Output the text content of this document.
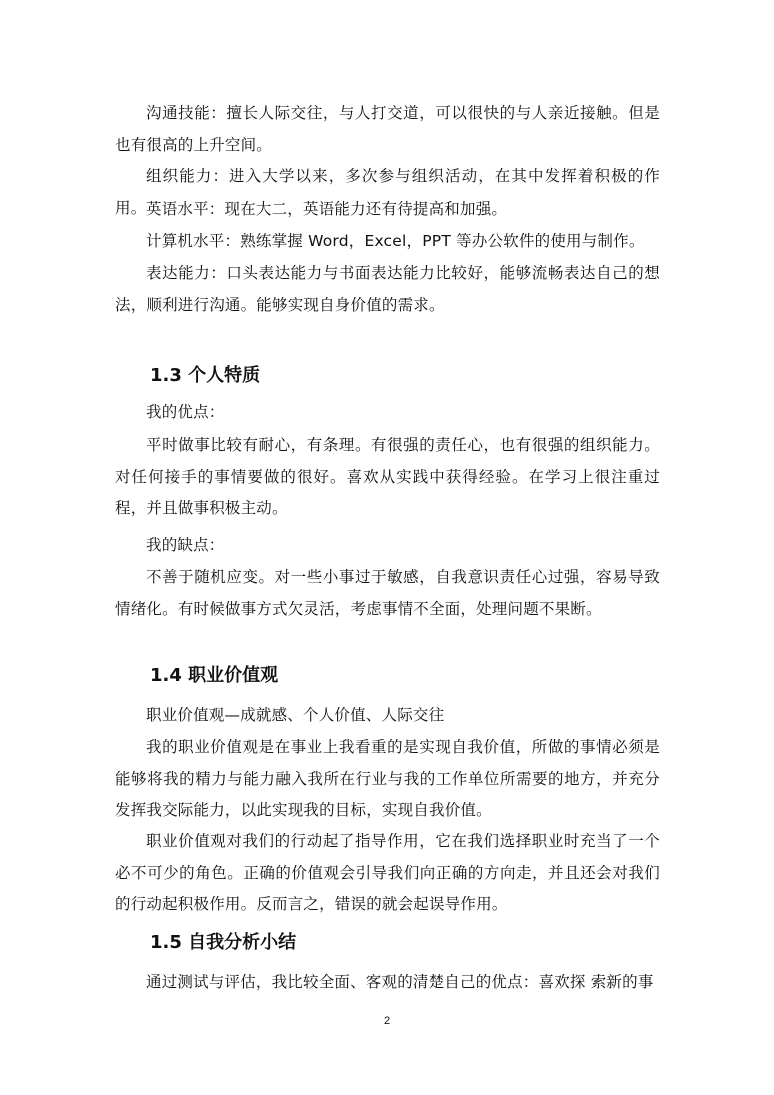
沟通技能：擅长人际交往，与人打交道，可以很快的与人亲近接触。但是也有很高的上升空间。

组织能力：进入大学以来，多次参与组织活动，在其中发挥着积极的作用。 英语水平：现在大二，英语能力还有待提高和加强。

计算机水平：熟练掌握 Word，Excel，PPT 等办公软件的使用与制作。

表达能力：口头表达能力与书面表达能力比较好，能够流畅表达自己的想法，顺利进行沟通。能够实现自身价值的需求。

1.3 个人特质

我的优点：

平时做事比较有耐心，有条理。有很强的责任心，也有很强的组织能力。对任何接手的事情要做的很好。喜欢从实践中获得经验。在学习上很注重过程，并且做事积极主动。

我的缺点：

不善于随机应变。对一些小事过于敏感，自我意识责任心过强，容易导致情绪化。有时候做事方式欠灵活，考虑事情不全面，处理问题不果断。

1.4 职业价值观

职业价值观—成就感、个人价值、人际交往

我的职业价值观是在事业上我看重的是实现自我价值，所做的事情必须是能够将我的精力与能力融入我所在行业与我的工作单位所需要的地方，并充分发挥我交际能力，以此实现我的目标，实现自我价值。

职业价值观对我们的行动起了指导作用，它在我们选择职业时充当了一个必不可少的角色。正确的价值观会引导我们向正确的方向走，并且还会对我们的行动起积极作用。反而言之，错误的就会起误导作用。

1.5 自我分析小结

通过测试与评估，我比较全面、客观的清楚自己的优点：喜欢探 索新的事

2
